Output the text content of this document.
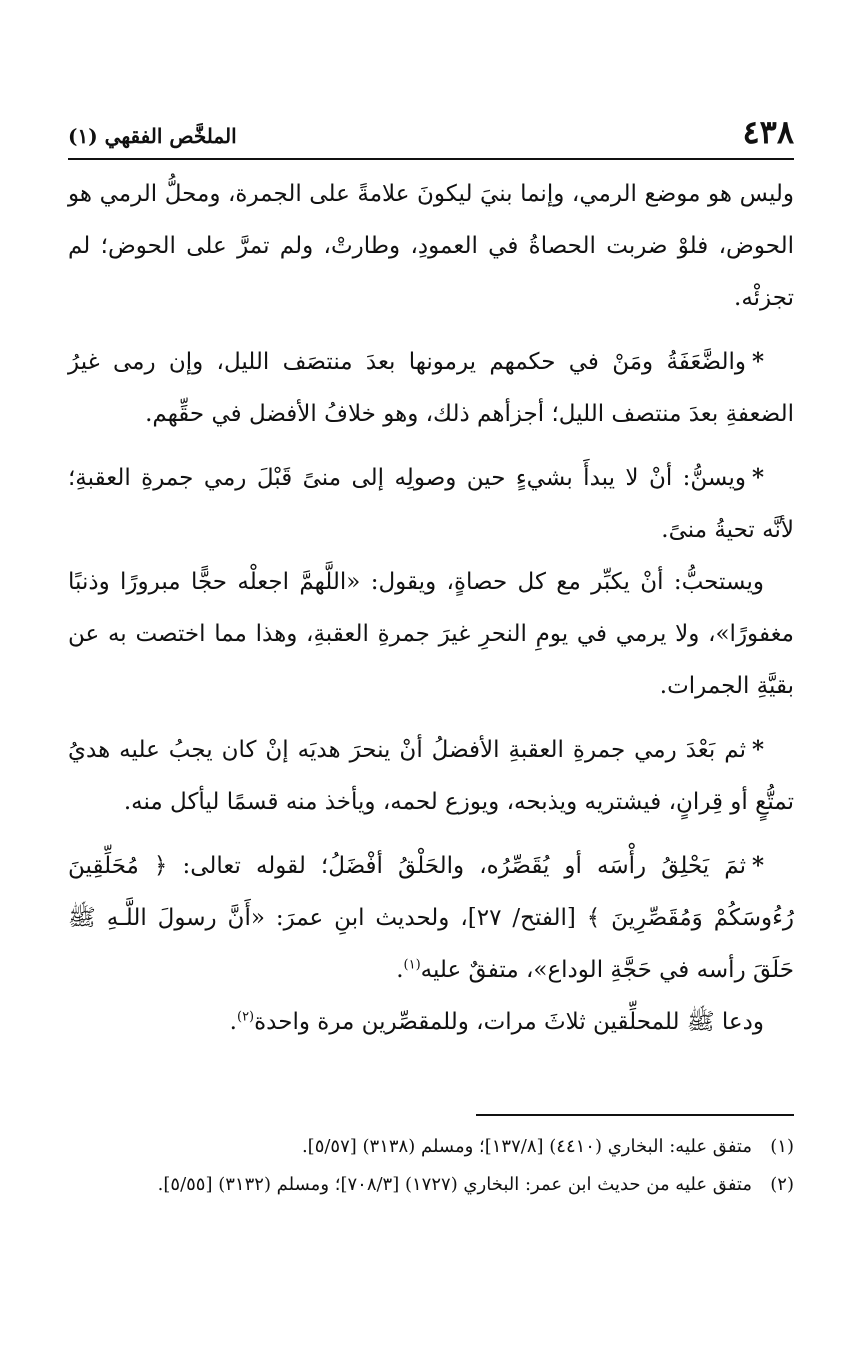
٤٣٨
الملخَّص الفقهي (١)

وليس هو موضع الرمي، وإنما بنيَ ليكونَ علامةً على الجمرة، ومحلُّ الرمي هو الحوض، فلوْ ضربت الحصاةُ في العمودِ، وطارتْ، ولم تمرَّ على الحوض؛ لم تجزئْه.

*والضَّعَفَةُ ومَنْ في حكمهم يرمونها بعدَ منتصَف الليل، وإن رمى غيرُ الضعفةِ بعدَ منتصف الليل؛ أجزأهم ذلك، وهو خلافُ الأفضل في حقِّهم.

*ويسنُّ: أنْ لا يبدأَ بشيءٍ حين وصولِه إلى منىً قَبْلَ رمي جمرةِ العقبةِ؛ لأنَّه تحيةُ منىً.

ويستحبُّ: أنْ يكبِّر مع كل حصاةٍ، ويقول: «اللَّهمَّ اجعلْه حجًّا مبرورًا وذنبًا مغفورًا»، ولا يرمي في يومِ النحرِ غيرَ جمرةِ العقبةِ، وهذا مما اختصت به عن بقيَّةِ الجمرات.

*ثم بَعْدَ رمي جمرةِ العقبةِ الأفضلُ أنْ ينحرَ هديَه إنْ كان يجبُ عليه هديُ تمتُّعٍ أو قِرانٍ، فيشتريه ويذبحه، ويوزع لحمه، ويأخذ منه قسمًا ليأكل منه.

*ثمَ يَحْلِقُ رأْسَه أو يُقَصِّرُه، والحَلْقُ أفْضَلُ؛ لقوله تعالى: ﴿ مُحَلِّقِينَ رُءُوسَكُمْ وَمُقَصِّرِينَ ﴾ [الفتح/ ٢٧]، ولحديث ابنِ عمرَ: «أَنَّ رسولَ اللَّـهِ ﷺ حَلَقَ رأسه في حَجَّةِ الوداع»، متفقٌ عليه$^{(١)}$.

ودعا ﷺ للمحلِّقين ثلاثَ مرات، وللمقصِّرين مرة واحدة$^{(٢)}$.

(١)
متفق عليه: البخاري (٤٤١٠) [١٣٧/٨]؛ ومسلم (٣١٣٨) [٥/٥٧].
(٢)
متفق عليه من حديث ابن عمر: البخاري (١٧٢٧) [٧٠٨/٣]؛ ومسلم (٣١٣٢) [٥/٥٥].
